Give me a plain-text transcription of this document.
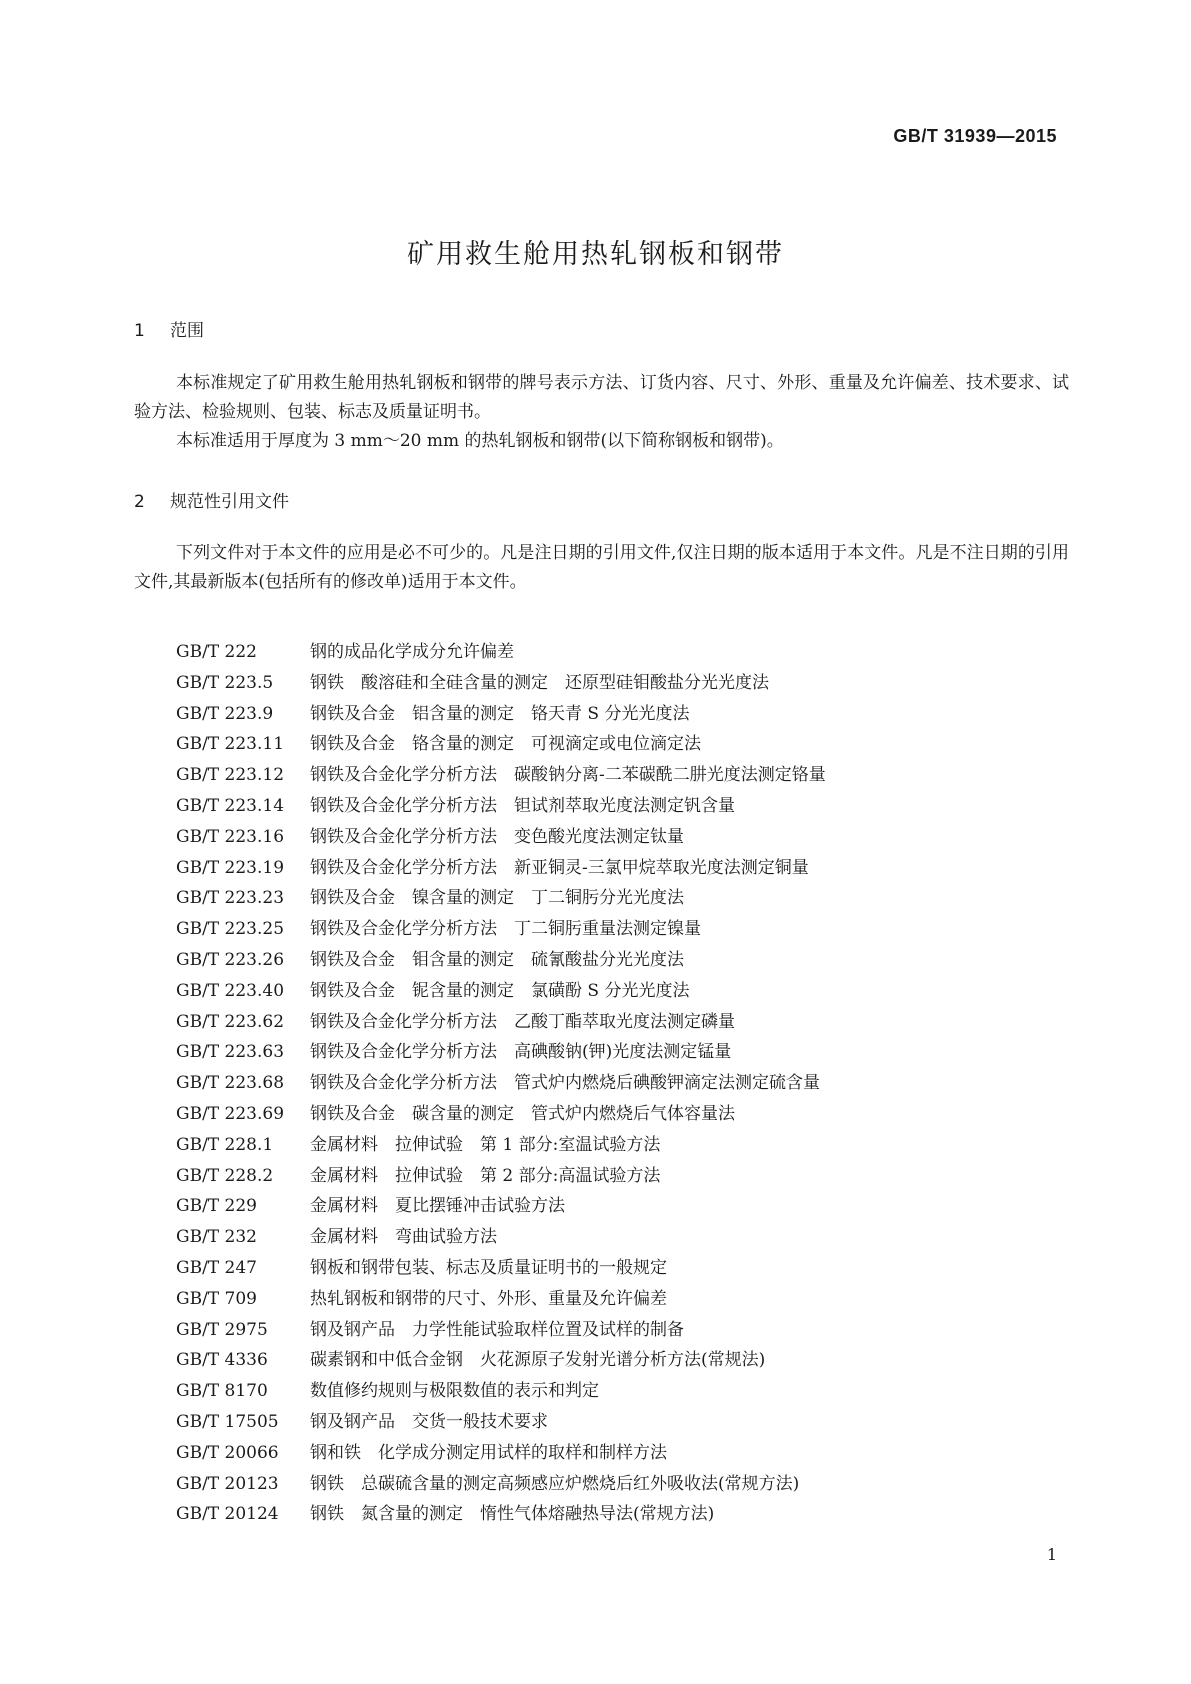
GB/T 31939—2015
矿用救生舱用热轧钢板和钢带
1 范围

本标准规定了矿用救生舱用热轧钢板和钢带的牌号表示方法、订货内容、尺寸、外形、重量及允许偏差、技术要求、试验方法、检验规则、包装、标志及质量证明书。

本标准适用于厚度为 3 mm～20 mm 的热轧钢板和钢带(以下简称钢板和钢带)。

2 规范性引用文件

下列文件对于本文件的应用是必不可少的。凡是注日期的引用文件,仅注日期的版本适用于本文件。凡是不注日期的引用文件,其最新版本(包括所有的修改单)适用于本文件。

GB/T 222	钢的成品化学成分允许偏差
GB/T 223.5 钢铁　酸溶硅和全硅含量的测定　还原型硅钼酸盐分光光度法
GB/T 223.9 钢铁及合金　铝含量的测定　铬天青 S 分光光度法
GB/T 223.11 钢铁及合金　铬含量的测定　可视滴定或电位滴定法
GB/T 223.12 钢铁及合金化学分析方法　碳酸钠分离-二苯碳酰二肼光度法测定铬量
GB/T 223.14 钢铁及合金化学分析方法　钽试剂萃取光度法测定钒含量
GB/T 223.16 钢铁及合金化学分析方法　变色酸光度法测定钛量
GB/T 223.19 钢铁及合金化学分析方法　新亚铜灵-三氯甲烷萃取光度法测定铜量
GB/T 223.23 钢铁及合金　镍含量的测定　丁二铜肟分光光度法
GB/T 223.25 钢铁及合金化学分析方法　丁二铜肟重量法测定镍量
GB/T 223.26 钢铁及合金　钼含量的测定　硫氰酸盐分光光度法
GB/T 223.40 钢铁及合金　铌含量的测定　氯磺酚 S 分光光度法
GB/T 223.62 钢铁及合金化学分析方法　乙酸丁酯萃取光度法测定磷量
GB/T 223.63 钢铁及合金化学分析方法　高碘酸钠(钾)光度法测定锰量
GB/T 223.68 钢铁及合金化学分析方法　管式炉内燃烧后碘酸钾滴定法测定硫含量
GB/T 223.69 钢铁及合金　碳含量的测定　管式炉内燃烧后气体容量法
GB/T 228.1 金属材料　拉伸试验　第 1 部分:室温试验方法
GB/T 228.2 金属材料　拉伸试验　第 2 部分:高温试验方法
GB/T 229	金属材料　夏比摆锤冲击试验方法
GB/T 232	金属材料　弯曲试验方法
GB/T 247	钢板和钢带包装、标志及质量证明书的一般规定
GB/T 709	热轧钢板和钢带的尺寸、外形、重量及允许偏差
GB/T 2975 钢及钢产品　力学性能试验取样位置及试样的制备
GB/T 4336 碳素钢和中低合金钢　火花源原子发射光谱分析方法(常规法)
GB/T 8170 数值修约规则与极限数值的表示和判定
GB/T 17505 钢及钢产品　交货一般技术要求
GB/T 20066 钢和铁　化学成分测定用试样的取样和制样方法
GB/T 20123 钢铁　总碳硫含量的测定高频感应炉燃烧后红外吸收法(常规方法)
GB/T 20124 钢铁　氮含量的测定　惰性气体熔融热导法(常规方法)
1
